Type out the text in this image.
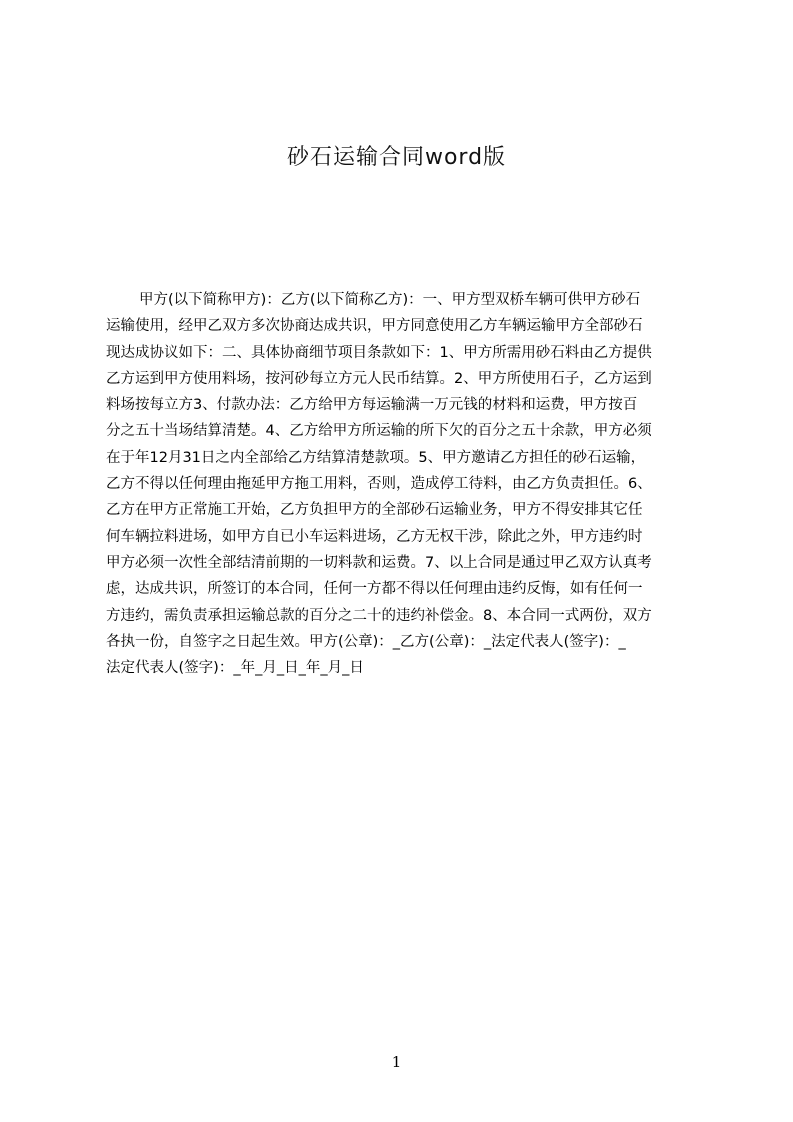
砂石运输合同word版
甲方(以下简称甲方)：乙方(以下简称乙方)：一、甲方型双桥车辆可供甲方砂石
运输使用，经甲乙双方多次协商达成共识，甲方同意使用乙方车辆运输甲方全部砂石
现达成协议如下：二、具体协商细节项目条款如下：1、甲方所需用砂石料由乙方提供
乙方运到甲方使用料场，按河砂每立方元人民币结算。2、甲方所使用石子，乙方运到
料场按每立方3、付款办法：乙方给甲方每运输满一万元钱的材料和运费，甲方按百
分之五十当场结算清楚。4、乙方给甲方所运输的所下欠的百分之五十余款，甲方必须
在于年12月31日之内全部给乙方结算清楚款项。5、甲方邀请乙方担任的砂石运输，
乙方不得以任何理由拖延甲方拖工用料，否则，造成停工待料，由乙方负责担任。6、
乙方在甲方正常施工开始，乙方负担甲方的全部砂石运输业务，甲方不得安排其它任
何车辆拉料进场，如甲方自已小车运料进场，乙方无权干涉，除此之外，甲方违约时
甲方必须一次性全部结清前期的一切料款和运费。7、以上合同是通过甲乙双方认真考
虑，达成共识，所签订的本合同，任何一方都不得以任何理由违约反悔，如有任何一
方违约，需负责承担运输总款的百分之二十的违约补偿金。8、本合同一式两份，双方
各执一份，自签字之日起生效。甲方(公章)：_乙方(公章)：_法定代表人(签字)：_
法定代表人(签字)：_年_月_日_年_月_日
1
